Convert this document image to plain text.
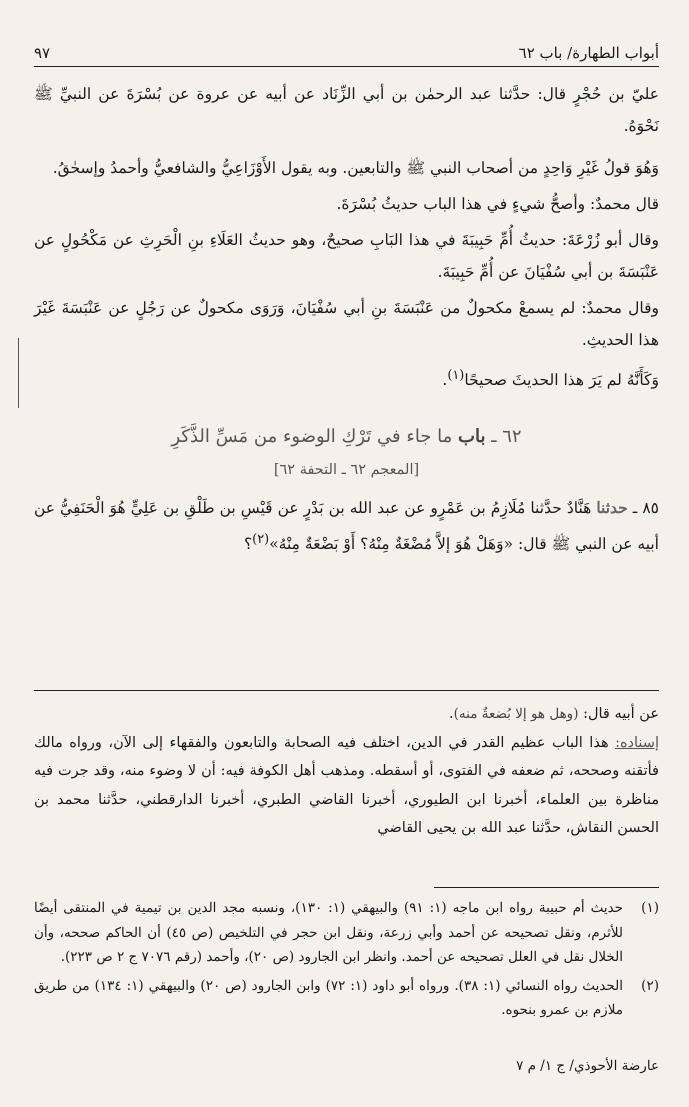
أبواب الطهارة/ باب ٦٢
٩٧

عليّ بن حُجْرٍ قال: حدَّثنا عبد الرحمٰن بن أبي الزِّنَاد عن أبيه عن عروة عن بُسْرَةَ عن النبيِّ ﷺ نَحْوَهُ.

وَهُوَ قولُ غَيْرِ وَاحِدٍ من أصحاب النبي ﷺ والتابعين. وبه يقول الأَوْزَاعِيُّ والشافعيُّ وأحمدُ وإسحٰقُ.

قال محمدٌ: وأصحُّ شيءٍ في هذا الباب حديثُ بُسْرَةَ.

وقال أبو زُرْعَةَ: حديثُ أُمِّ حَبِيبَةَ في هذا البَابِ صحيحٌ، وهو حديثُ العَلَاءِ بنِ الْحَرِثِ عن مَكْحُولٍ عن عَنْبَسَةَ بن أبي سُفْيَانَ عن أُمِّ حَبِيبَةَ.

وقال محمدٌ: لم يسمعْ مكحولٌ من عَنْبَسَةَ بنِ أبي سُفْيَانَ، وَرَوَى مكحولٌ عن رَجُلٍ عن عَنْبَسَةَ غَيْرَ هذا الحديثِ.

وَكَأَنَّهُ لم يَرَ هذا الحديثَ صحيحًا$^{(١)}$.

٦٢ ـ باب ما جاء في تَرْكِ الوضوء من مَسِّ الذَّكَرِ
[المعجم ٦٢ ـ التحفة ٦٢]

٨٥ ـ حدثنا هَنَّادٌ حدَّثنا مُلَازِمُ بن عَمْرٍو عن عبد الله بن بَدْرٍ عن قَيْسِ بن طَلْقِ بن عَلِيٍّ هُوَ الْحَنَفِيُّ عن أبيه عن النبي ﷺ قال: «وَهَلْ هُوَ إلاَّ مُضْغَةٌ مِنْهُ؟ أَوْ بَضْعَةٌ مِنْهُ»$^{(٢)}$؟

عن أبيه قال: (وهل هو إلا بُضعةٌ منه).

إسناده: هذا الباب عظيم القدر في الدين، اختلف فيه الصحابة والتابعون والفقهاء إلى الآن، ورواه مالك فأتقنه وصححه، ثم ضعفه في الفتوى، أو أسقطه. ومذهب أهل الكوفة فيه: أن لا وضوء منه، وقد جرت فيه مناظرة بين العلماء، أخبرنا ابن الطيوري، أخبرنا القاضي الطبري، أخبرنا الدارقطني، حدَّثنا محمد بن الحسن النقاش، حدَّثنا عبد الله بن يحيى القاضي

(١)
حديث أم حبيبة رواه ابن ماجه (١: ٩١) والبيهقي (١: ١٣٠)، ونسبه مجد الدين بن تيمية في المنتقى أيضًا للأثرم، ونقل تصحيحه عن أحمد وأبي زرعة، ونقل ابن حجر في التلخيص (ص ٤٥) أن الحاكم صححه، وأن الخلال نقل في العلل تصحيحه عن أحمد. وانظر ابن الجارود (ص ٢٠)، وأحمد (رقم ٧٠٧٦ ج ٢ ص ٢٢٣).
(٢)
الحديث رواه النسائي (١: ٣٨). ورواه أبو داود (١: ٧٢) وابن الجارود (ص ٢٠) والبيهقي (١: ١٣٤) من طريق ملازم بن عمرو بنحوه.
عارضة الأحوذي/ ج ١/ م ٧
